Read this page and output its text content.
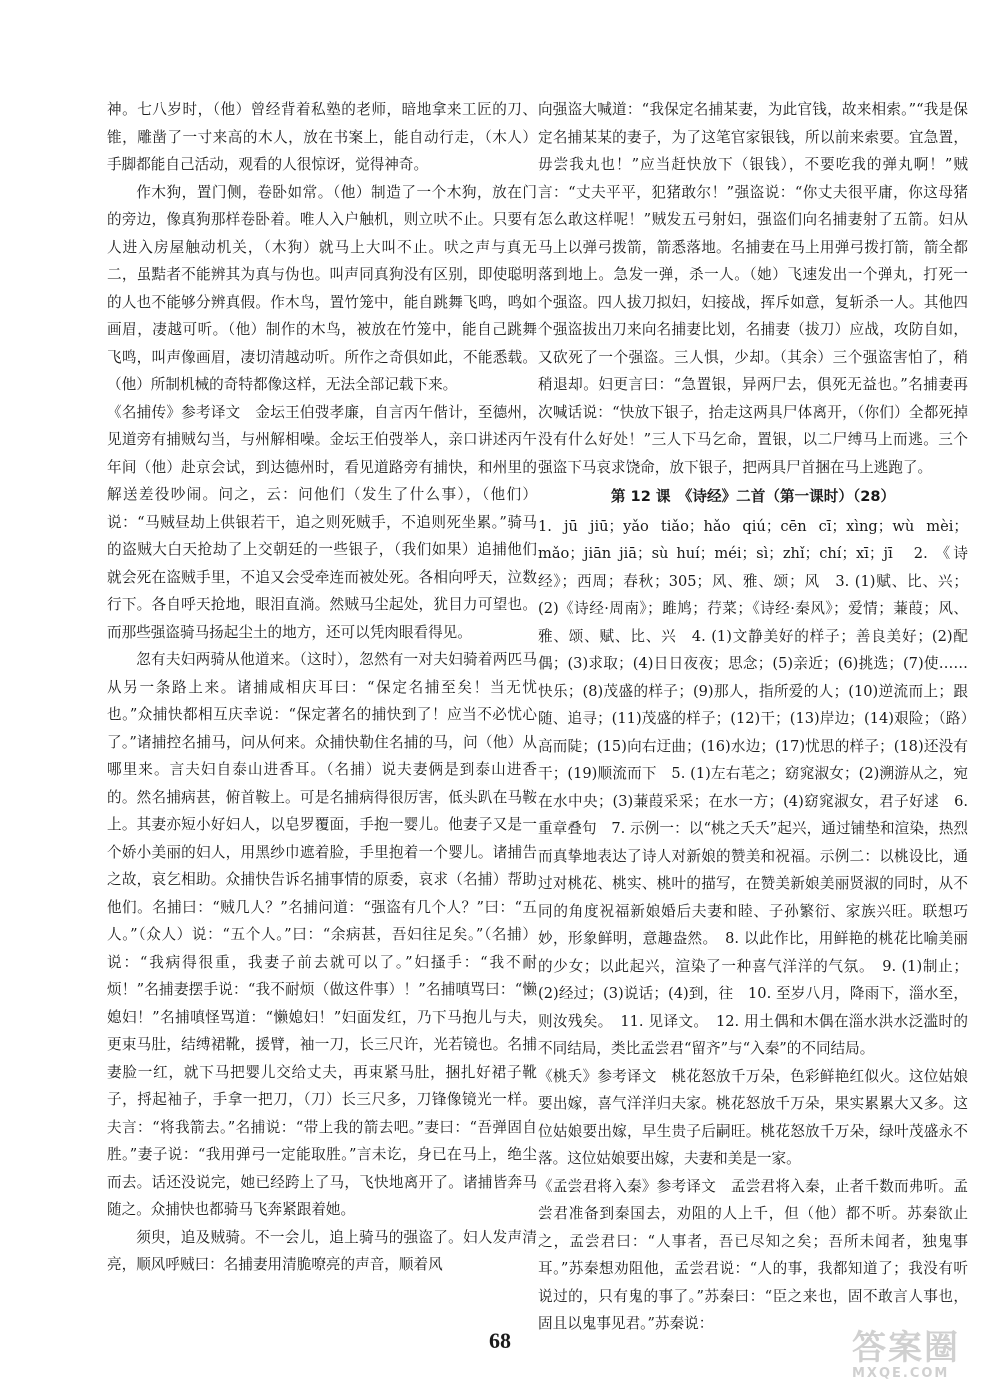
神。七八岁时，（他）曾经背着私塾的老师，暗地拿来工匠的刀、锥，雕凿了一寸来高的木人，放在书案上，能自动行走，（木人）手脚都能自己活动，观看的人很惊讶，觉得神奇。

作木狗，置门侧，卷卧如常。（他）制造了一个木狗，放在门的旁边，像真狗那样卷卧着。唯人入户触机，则立吠不止。只要有人进入房屋触动机关，（木狗）就马上大叫不止。吠之声与真无二，虽黠者不能辨其为真与伪也。叫声同真狗没有区别，即使聪明的人也不能够分辨真假。作木鸟，置竹笼中，能自跳舞飞鸣，鸣如画眉，凄越可听。（他）制作的木鸟，被放在竹笼中，能自己跳舞飞鸣，叫声像画眉，凄切清越动听。所作之奇俱如此，不能悉载。（他）所制机械的奇特都像这样，无法全部记载下来。

《名捕传》参考译文　金坛王伯弢孝廉，自言丙午偕计，至德州，见道旁有捕贼勾当，与州解相噪。金坛王伯弢举人，亲口讲述丙午年间（他）赴京会试，到达德州时，看见道路旁有捕快，和州里的解送差役吵闹。问之，云：问他们（发生了什么事），（他们）说：“马贼昼劫上供银若干，追之则死贼手，不追则死坐累。”骑马的盗贼大白天抢劫了上交朝廷的一些银子，（我们如果）追捕他们就会死在盗贼手里，不追又会受牵连而被处死。各相向呼天，泣数行下。各自呼天抢地，眼泪直淌。然贼马尘起处，犹目力可望也。而那些强盗骑马扬起尘土的地方，还可以凭肉眼看得见。

忽有夫妇两骑从他道来。（这时），忽然有一对夫妇骑着两匹马从另一条路上来。诸捕咸相庆耳曰：“保定名捕至矣！当无忧也。”众捕快都相互庆幸说：“保定著名的捕快到了！应当不必忧心了。”诸捕控名捕马，问从何来。众捕快勒住名捕的马，问（他）从哪里来。言夫妇自泰山进香耳。（名捕）说夫妻俩是到泰山进香的。然名捕病甚，俯首鞍上。可是名捕病得很厉害，低头趴在马鞍上。其妻亦短小好妇人，以皂罗覆面，手抱一婴儿。他妻子又是一个娇小美丽的妇人，用黑纱巾遮着脸，手里抱着一个婴儿。诸捕告之故，哀乞相助。众捕快告诉名捕事情的原委，哀求（名捕）帮助他们。名捕曰：“贼几人？”名捕问道：“强盗有几个人？”曰：“五人。”（众人）说：“五个人。”曰：“余病甚，吾妇往足矣。”（名捕）说：“我病得很重，我妻子前去就可以了。”妇搔手：“我不耐烦！”名捕妻摆手说：“我不耐烦（做这件事）！”名捕嗔骂曰：“懒媳妇！”名捕嗔怪骂道：“懒媳妇！”妇面发红，乃下马抱儿与夫，更束马肚，结缚裙靴，援臂，袖一刀，长三尺许，光若镜也。名捕妻脸一红，就下马把婴儿交给丈夫，再束紧马肚，捆扎好裙子靴子，捋起袖子，手拿一把刀，（刀）长三尺多，刀锋像镜光一样。夫言：“将我箭去。”名捕说：“带上我的箭去吧。”妻曰：“吾弹固自胜。”妻子说：“我用弹弓一定能取胜。”言未讫，身已在马上，绝尘而去。话还没说完，她已经跨上了马，飞快地离开了。诸捕皆奔马随之。众捕快也都骑马飞奔紧跟着她。

须臾，追及贼骑。不一会儿，追上骑马的强盗了。妇人发声清亮，顺风呼贼曰：名捕妻用清脆嘹亮的声音，顺着风

向强盗大喊道：“我保定名捕某妻，为此官钱，故来相索。”“我是保定名捕某某的妻子，为了这笔官家银钱，所以前来索要。宜急置，毋尝我丸也！”应当赶快放下（银钱），不要吃我的弹丸啊！”贼言：“丈夫平平，犯猪敢尔！”强盗说：“你丈夫很平庸，你这母猪怎么敢这样呢！”贼发五弓射妇，强盗们向名捕妻射了五箭。妇从马上以弹弓拨箭，箭悉落地。名捕妻在马上用弹弓拨打箭，箭全都落到地上。急发一弹，杀一人。（她）飞速发出一个弹丸，打死一个强盗。四人拔刀拟妇，妇接战，挥斥如意，复斩杀一人。其他四个强盗拔出刀来向名捕妻比划，名捕妻（拔刀）应战，攻防自如，又砍死了一个强盗。三人惧，少却。（其余）三个强盗害怕了，稍稍退却。妇更言曰：“急置银，异两尸去，俱死无益也。”名捕妻再次喊话说：“快放下银子，抬走这两具尸体离开，（你们）全都死掉没有什么好处！”三人下马乞命，置银，以二尸缚马上而逃。三个强盗下马哀求饶命，放下银子，把两具尸首捆在马上逃跑了。

第 12 课　《诗经》二首（第一课时）（28）

1. jū jiū；yǎo tiǎo；hǎo qiú；cēn cī；xìng；wù mèi；mǎo；jiān jiā；sù huí；méi；sì；zhǐ；chí；xī；jī　2. 《诗经》；西周；春秋；305；风、雅、颂；风　3. (1)赋、比、兴；(2)《诗经·周南》；雎鸠；荇菜；《诗经·秦风》；爱情；蒹葭；风、雅、颂、赋、比、兴　4. (1)文静美好的样子；善良美好；(2)配偶；(3)求取；(4)日日夜夜；思念；(5)亲近；(6)挑选；(7)使……快乐；(8)茂盛的样子；(9)那人，指所爱的人；(10)逆流而上；跟随、追寻；(11)茂盛的样子；(12)干；(13)岸边；(14)艰险；（路）高而陡；(15)向右迂曲；(16)水边；(17)忧思的样子；(18)还没有干；(19)顺流而下　5. (1)左右芼之；窈窕淑女；(2)溯游从之，宛在水中央；(3)蒹葭采采；在水一方；(4)窈窕淑女，君子好逑　6. 重章叠句　7. 示例一：以“桃之夭夭”起兴，通过铺垫和渲染，热烈而真挚地表达了诗人对新娘的赞美和祝福。示例二：以桃设比，通过对桃花、桃实、桃叶的描写，在赞美新娘美丽贤淑的同时，从不同的角度祝福新娘婚后夫妻和睦、子孙繁衍、家族兴旺。联想巧妙，形象鲜明，意趣盎然。　8. 以此作比，用鲜艳的桃花比喻美丽的少女；以此起兴，渲染了一种喜气洋洋的气氛。　9. (1)制止；(2)经过；(3)说话；(4)到，往　10. 至岁八月，降雨下，淄水至，则汝残矣。　11. 见译文。　12. 用土偶和木偶在淄水洪水泛滥时的不同结局，类比孟尝君“留齐”与“入秦”的不同结局。

《桃夭》参考译文　桃花怒放千万朵，色彩鲜艳红似火。这位姑娘要出嫁，喜气洋洋归夫家。桃花怒放千万朵，果实累累大又多。这位姑娘要出嫁，早生贵子后嗣旺。桃花怒放千万朵，绿叶茂盛永不落。这位姑娘要出嫁，夫妻和美是一家。

《孟尝君将入秦》参考译文　孟尝君将入秦，止者千数而弗听。孟尝君准备到秦国去，劝阻的人上千，但（他）都不听。苏秦欲止之，孟尝君曰：“人事者，吾已尽知之矣；吾所未闻者，独鬼事耳。”苏秦想劝阻他，孟尝君说：“人的事，我都知道了；我没有听说过的，只有鬼的事了。”苏秦曰：“臣之来也，固不敢言人事也，固且以鬼事见君。”苏秦说：

68	答案圈
MXQE.COM
